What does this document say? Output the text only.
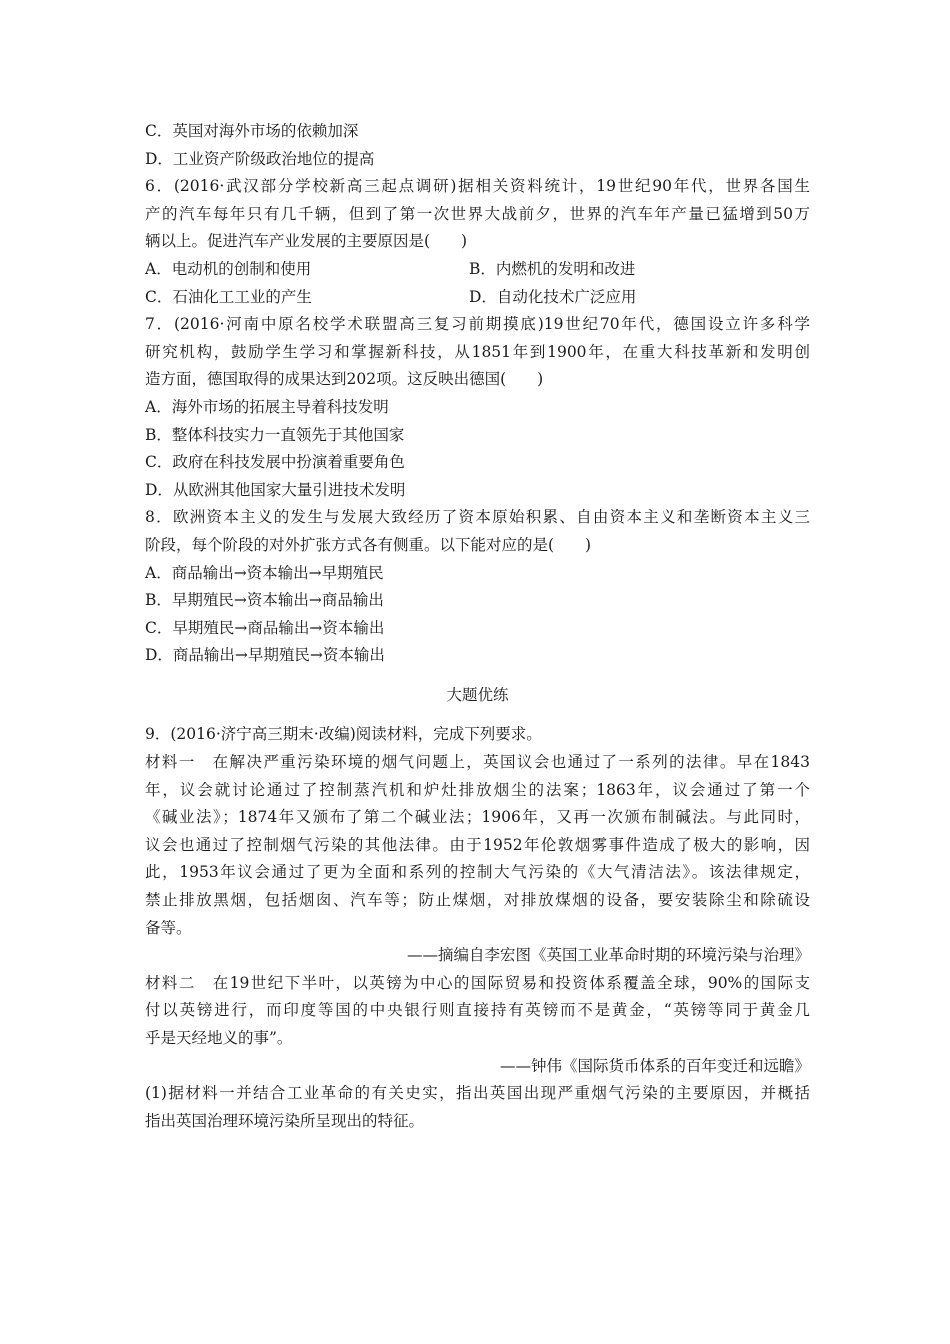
C．英国对海外市场的依赖加深
D．工业资产阶级政治地位的提高
6．(2016·武汉部分学校新高三起点调研)据相关资料统计，19世纪90年代，世界各国生
产的汽车每年只有几千辆，但到了第一次世界大战前夕，世界的汽车年产量已猛增到50万
辆以上。促进汽车产业发展的主要原因是(　　)
A．电动机的创制和使用	B．内燃机的发明和改进
C．石油化工工业的产生	D．自动化技术广泛应用
7．(2016·河南中原名校学术联盟高三复习前期摸底)19世纪70年代，德国设立许多科学
研究机构，鼓励学生学习和掌握新科技，从1851年到1900年，在重大科技革新和发明创
造方面，德国取得的成果达到202项。这反映出德国(　　)
A．海外市场的拓展主导着科技发明
B．整体科技实力一直领先于其他国家
C．政府在科技发展中扮演着重要角色
D．从欧洲其他国家大量引进技术发明
8．欧洲资本主义的发生与发展大致经历了资本原始积累、自由资本主义和垄断资本主义三
阶段，每个阶段的对外扩张方式各有侧重。以下能对应的是(　　)
A．商品输出→资本输出→早期殖民
B．早期殖民→资本输出→商品输出
C．早期殖民→商品输出→资本输出
D．商品输出→早期殖民→资本输出
大题优练
9．(2016·济宁高三期末·改编)阅读材料，完成下列要求。
材料一　在解决严重污染环境的烟气问题上，英国议会也通过了一系列的法律。早在1843
年，议会就讨论通过了控制蒸汽机和炉灶排放烟尘的法案；1863年，议会通过了第一个
《碱业法》；1874年又颁布了第二个碱业法；1906年，又再一次颁布制碱法。与此同时，
议会也通过了控制烟气污染的其他法律。由于1952年伦敦烟雾事件造成了极大的影响，因
此，1953年议会通过了更为全面和系列的控制大气污染的《大气清洁法》。该法律规定，
禁止排放黑烟，包括烟囱、汽车等；防止煤烟，对排放煤烟的设备，要安装除尘和除硫设
备等。
——摘编自李宏图《英国工业革命时期的环境污染与治理》
材料二　在19世纪下半叶，以英镑为中心的国际贸易和投资体系覆盖全球，90%的国际支
付以英镑进行，而印度等国的中央银行则直接持有英镑而不是黄金，“英镑等同于黄金几
乎是天经地义的事”。
——钟伟《国际货币体系的百年变迁和远瞻》
(1)据材料一并结合工业革命的有关史实，指出英国出现严重烟气污染的主要原因，并概括
指出英国治理环境污染所呈现出的特征。
